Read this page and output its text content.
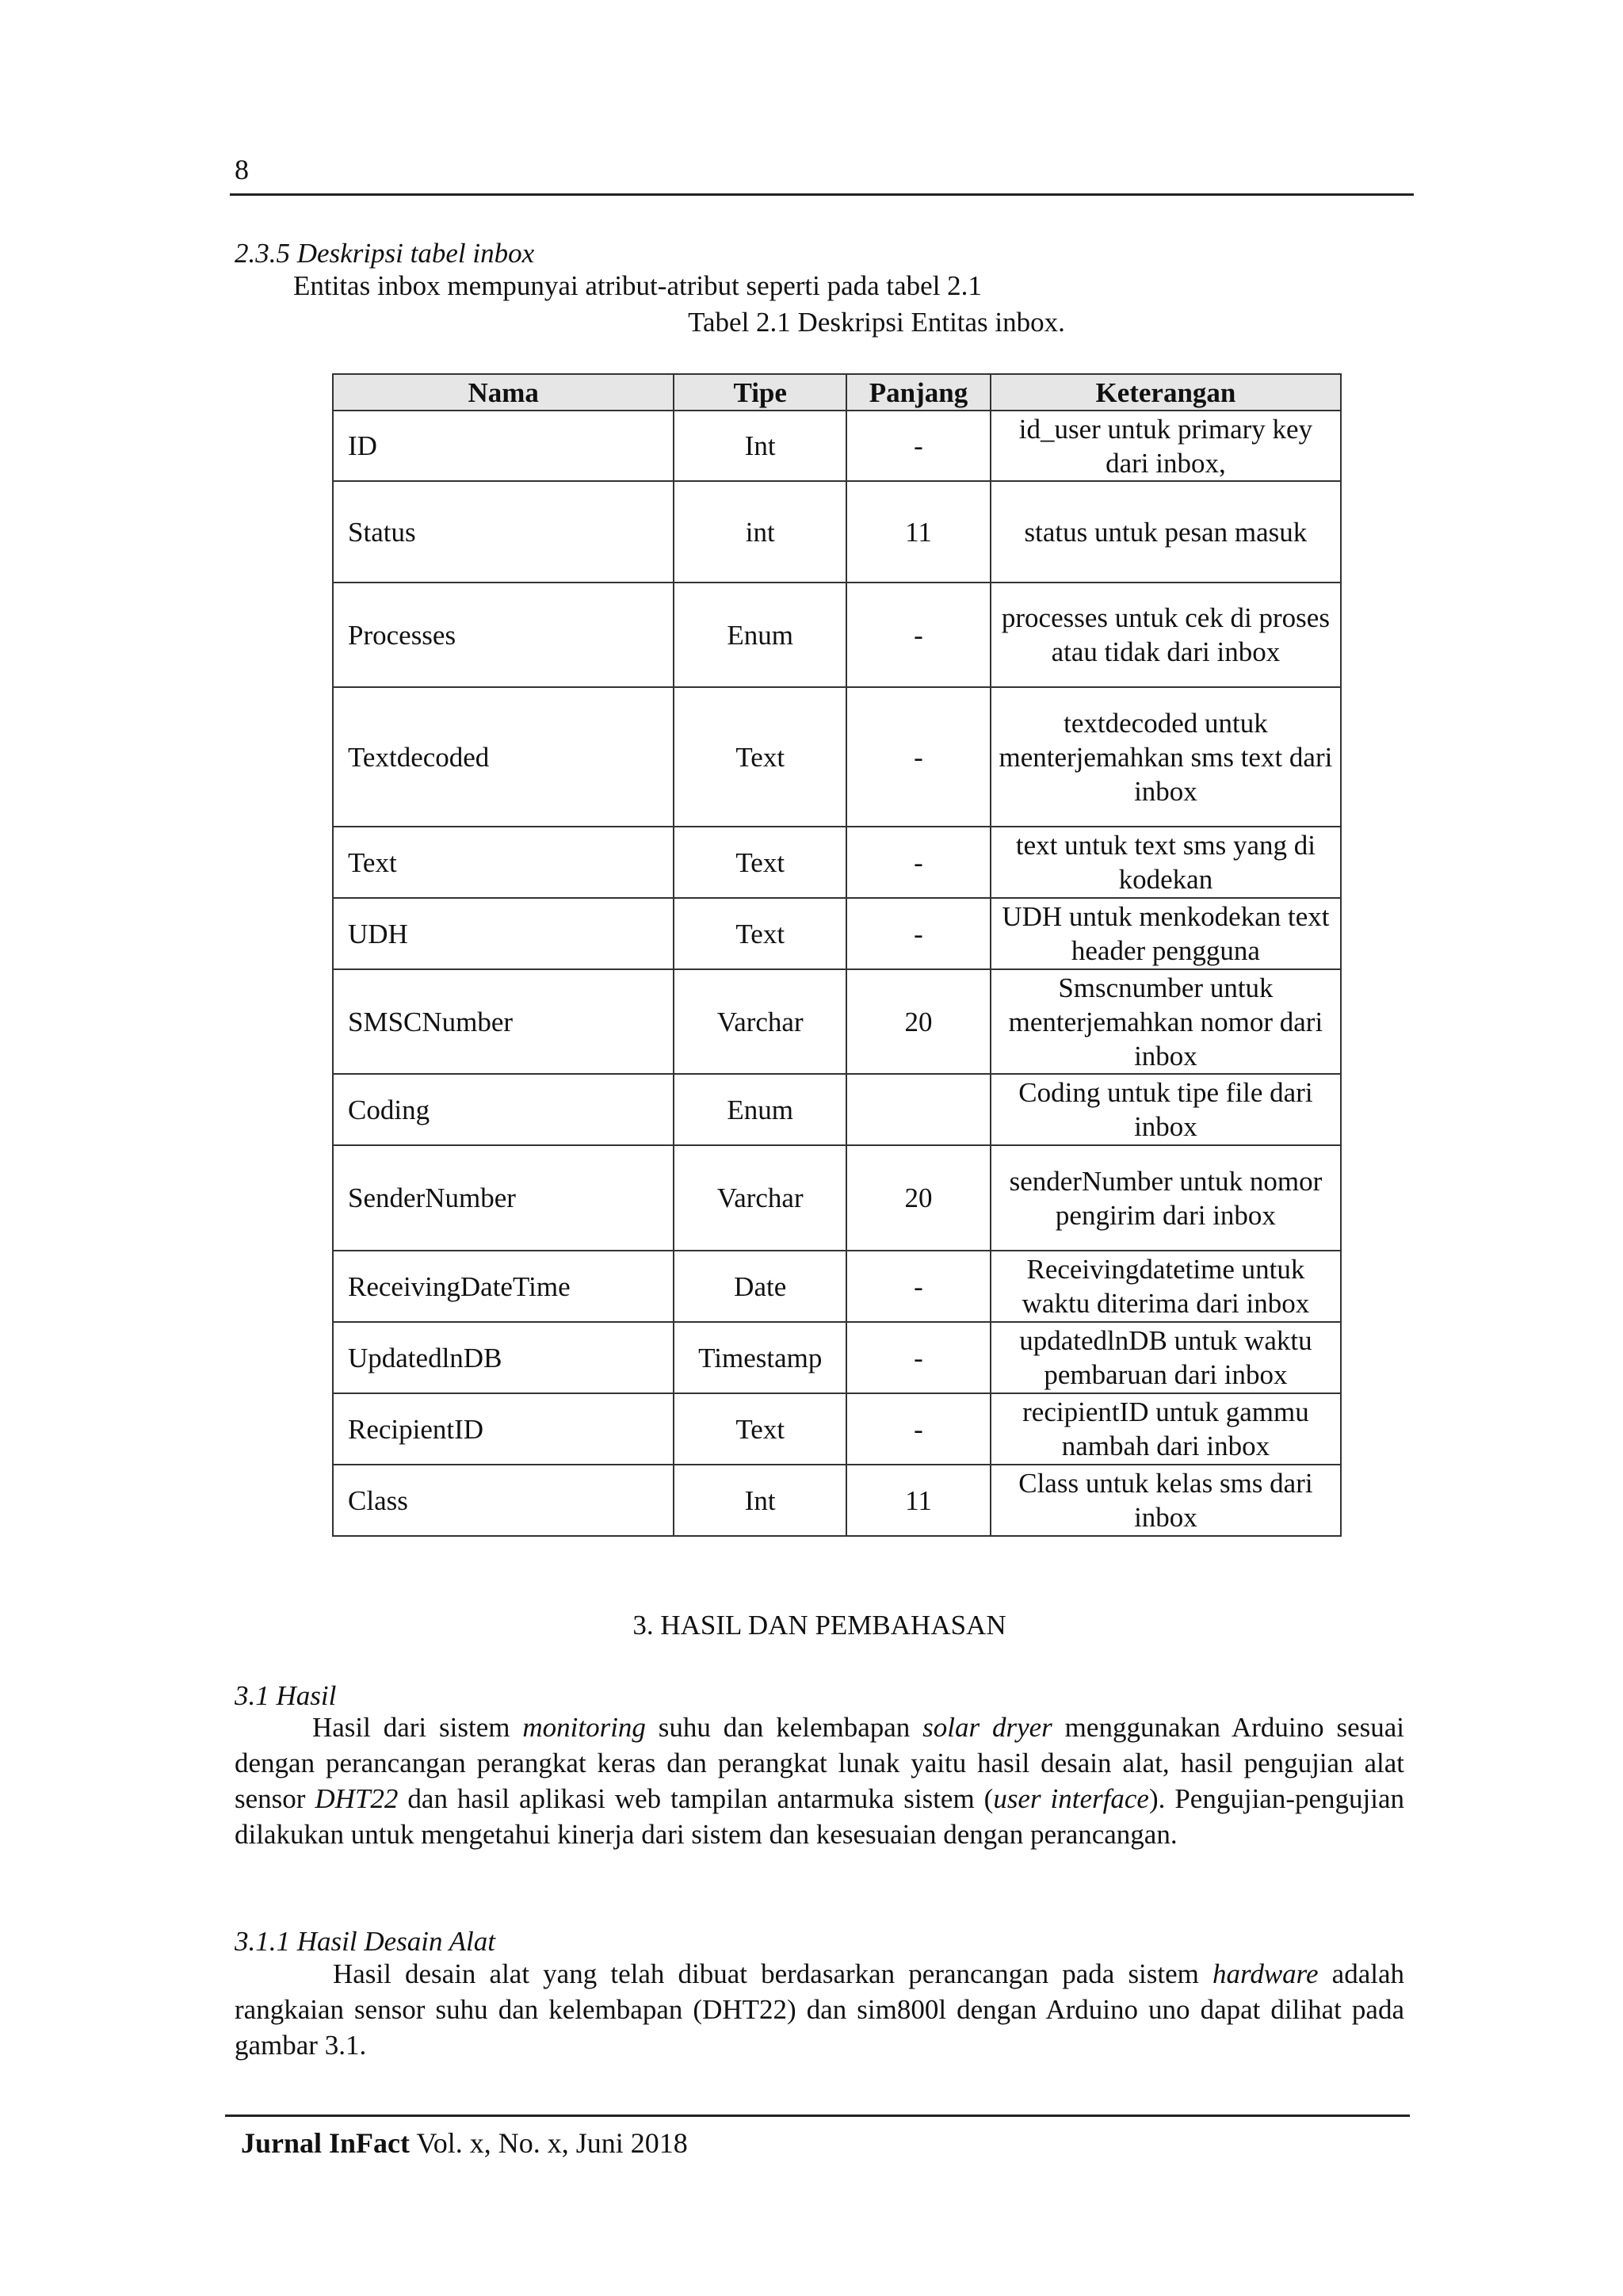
8
2.3.5 Deskripsi tabel inbox
Entitas inbox mempunyai atribut-atribut seperti pada tabel 2.1
Tabel 2.1 Deskripsi Entitas inbox.
Nama	Tipe	Panjang	Keterangan
ID	Int	-	id_user untuk primary key dari inbox,
Status	int	11	status untuk pesan masuk
Processes	Enum	-	processes untuk cek di proses atau tidak dari inbox
Textdecoded	Text	-	textdecoded untuk menterjemahkan sms text dari inbox
Text	Text	-	text untuk text sms yang di kodekan
UDH	Text	-	UDH untuk menkodekan text header pengguna
SMSCNumber	Varchar	20	Smscnumber untuk menterjemahkan nomor dari inbox
Coding	Enum		Coding untuk tipe file dari inbox
SenderNumber	Varchar	20	senderNumber untuk nomor pengirim dari inbox
ReceivingDateTime	Date	-	Receivingdatetime untuk waktu diterima dari inbox
UpdatedlnDB	Timestamp	-	updatedlnDB untuk waktu pembaruan dari inbox
RecipientID	Text	-	recipientID untuk gammu nambah dari inbox
Class	Int	11	Class untuk kelas sms dari inbox
3. HASIL DAN PEMBAHASAN
3.1 Hasil

Hasil dari sistem monitoring suhu dan kelembapan solar dryer menggunakan Arduino sesuai dengan perancangan perangkat keras dan perangkat lunak yaitu hasil desain alat, hasil pengujian alat sensor DHT22 dan hasil aplikasi web tampilan antarmuka sistem (user interface). Pengujian-pengujian dilakukan untuk mengetahui kinerja dari sistem dan kesesuaian dengan perancangan.

3.1.1 Hasil Desain Alat

Hasil desain alat yang telah dibuat berdasarkan perancangan pada sistem hardware adalah rangkaian sensor suhu dan kelembapan (DHT22) dan sim800l dengan Arduino uno dapat dilihat pada gambar 3.1.

Jurnal InFact Vol. x, No. x, Juni 2018
